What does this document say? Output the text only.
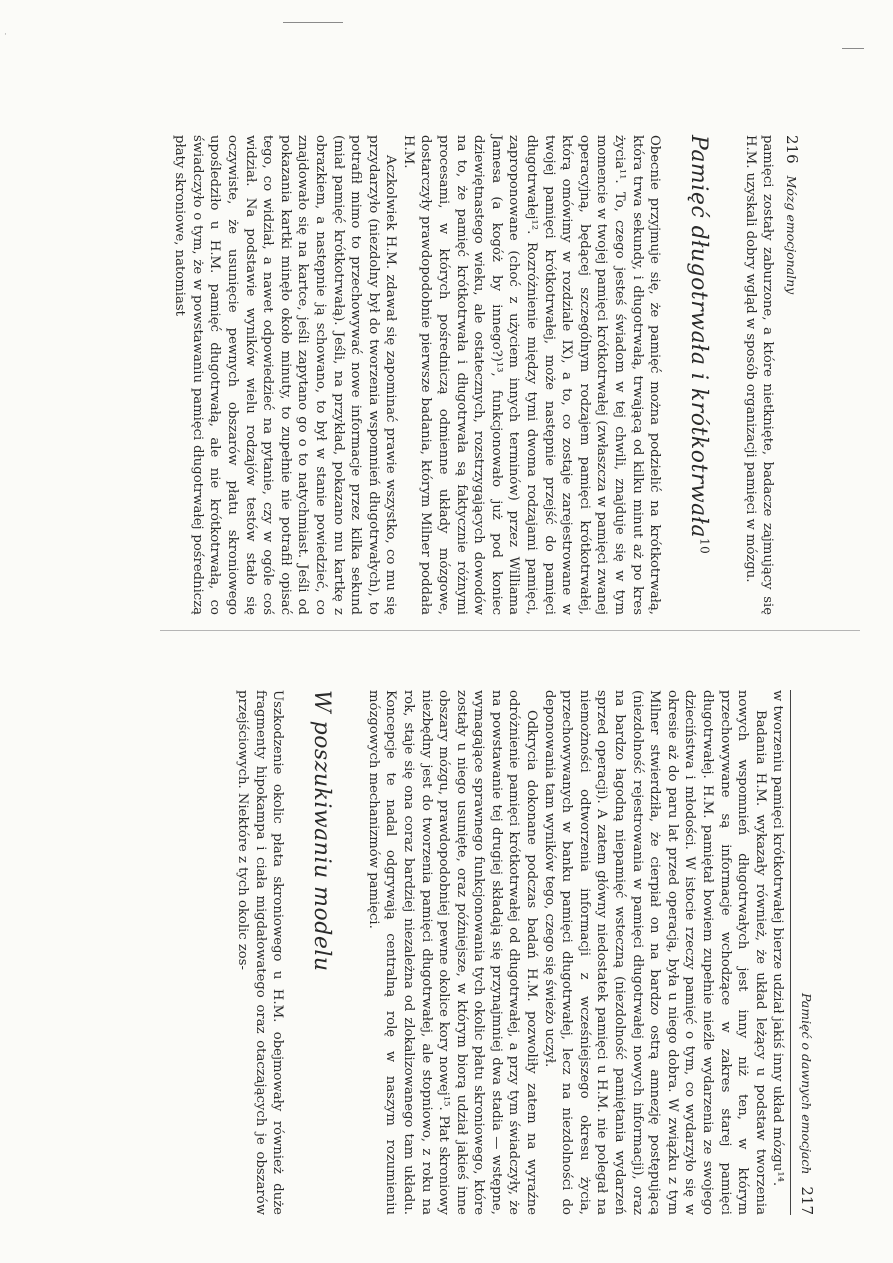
·
216   Mózg emocjonalny

pamięci zostały zaburzone, a które nietknięte, badacze zajmujący się H.M. uzyskali dobry wgląd w sposób organizacji pamięci w mózgu.

Pamięć długotrwała i krótkotrwała$^{10}$

Obecnie przyjmuje się, że pamięć można podzielić na krótkotrwałą, która trwa sekundy, i długotrwałą, trwającą od kilku minut aż po kres życia¹¹. To, czego jesteś świadom w tej chwili, znajduje się w tym momencie w twojej pamięci krótkotrwałej (zwłaszcza w pamięci zwanej operacyjną, będącej szczególnym rodzajem pamięci krótkotrwałej, którą omówimy w rozdziale IX), a to, co zostaje zarejestrowane w twojej pamięci krótkotrwałej, może następnie przejść do pamięci długotrwałej¹². Rozróżnienie między tymi dwoma rodzajami pamięci, zaproponowane (choć z użyciem innych terminów) przez Williama Jamesa (a kogóż by innego?)¹³, funkcjonowało już pod koniec dziewiętnastego wieku, ale ostatecznych, rozstrzygających dowodów na to, że pamięć krótkotrwała i długotrwała są faktycznie różnymi procesami, w których pośredniczą odmienne układy mózgowe, dostarczyły prawdopodobnie pierwsze badania, którym Milner poddała H.M.

Aczkolwiek H.M. zdawał się zapominać prawie wszystko, co mu się przydarzyło (niezdolny był do tworzenia wspomnień długotrwałych), to potrafił mimo to przechowywać nowe informacje przez kilka sekund (miał pamięć krótkotrwałą). Jeśli, na przykład, pokazano mu kartkę z obrazkiem, a następnie ją schowano, to był w stanie powiedzieć, co znajdowało się na kartce, jeśli zapytano go o to natychmiast. Jeśli od pokazania kartki minęło około minuty, to zupełnie nie potrafił opisać tego, co widział, a nawet odpowiedzieć na pytanie, czy w ogóle coś widział. Na podstawie wyników wielu rodzajów testów stało się oczywiste, że usunięcie pewnych obszarów płatu skroniowego upośledziło u H.M. pamięć długotrwałą, ale nie krótkotrwałą, co świadczyło o tym, że w powstawaniu pamięci długotrwałej pośredniczą płaty skroniowe, natomiast

Pamięć o dawnych emocjach   217

w tworzeniu pamięci krótkotrwałej bierze udział jakiś inny układ mózgu¹⁴.

Badania H.M. wykazały również, że układ leżący u podstaw tworzenia nowych wspomnień długotrwałych jest inny niż ten, w którym przechowywane są informacje wchodzące w zakres starej pamięci długotrwałej. H.M. pamiętał bowiem zupełnie nieźle wydarzenia ze swojego dzieciństwa i młodości. W istocie rzeczy pamięć o tym, co wydarzyło się w okresie aż do paru lat przed operacją, była u niego dobra. W związku z tym Milner stwierdziła, że cierpiał on na bardzo ostrą amnezję postępującą (niezdolność rejestrowania w pamięci długotrwałej nowych informacji), oraz na bardzo łagodną niepamięć wsteczną (niezdolność pamiętania wydarzeń sprzed operacji). A zatem główny niedostatek pamięci u H.M. nie polegał na niemożności odtworzenia informacji z wcześniejszego okresu życia, przechowywanych w banku pamięci długotrwałej, lecz na niezdolności do deponowania tam wyników tego, czego się świeżo uczył.

Odkrycia dokonane podczas badań H.M. pozwoliły zatem na wyraźne odróżnienie pamięci krótkotrwałej od długotrwałej, a przy tym świadczyły, że na powstawanie tej drugiej składają się przynajmniej dwa stadia — wstępne, wymagające sprawnego funkcjonowania tych okolic płatu skroniowego, które zostały u niego usunięte, oraz późniejsze, w którym biorą udział jakieś inne obszary mózgu, prawdopodobniej pewne okolice kory nowej¹⁵. Płat skroniowy niezbędny jest do tworzenia pamięci długotrwałej, ale stopniowo, z roku na rok, staje się ona coraz bardziej niezależna od zlokalizowanego tam układu. Koncepcje te nadal odgrywają centralną rolę w naszym rozumieniu mózgowych mechanizmów pamięci.

W poszukiwaniu modelu

Uszkodzenie okolic płata skroniowego u H.M. obejmowały również duże fragmenty hipokampa i ciała migdałowatego oraz otaczających je obszarów przejściowych. Niektóre z tych okolic zos-
